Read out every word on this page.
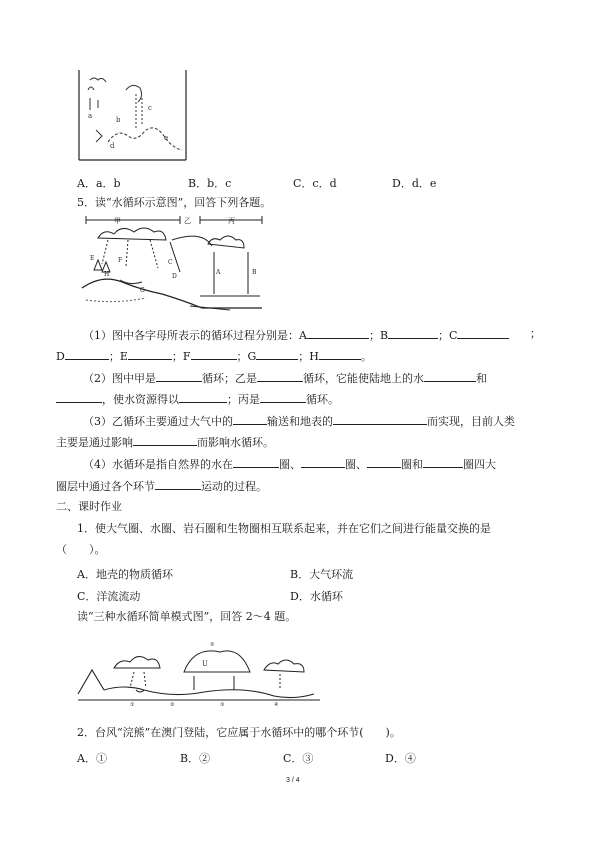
a	b
c
d
e
A．a．b	B．b．c	C．c．d	D．d．e
5．读“水循环示意图”，回答下列各题。
甲	乙	丙
E	F	C
D
A	B
H
G
（1）图中各字母所表示的循环过程分别是：A	；B	；C	；
D	；E	；F	；G	；H	。
（2）图中甲是	循环；乙是	循环，它能使陆地上的水	和
，使水资源得以	；丙是	循环。
（3）乙循环主要通过大气中的	输送和地表的	而实现，目前人类
主要是通过影响	而影响水循环。
（4）水循环是指自然界的水在	圈、	圈、	圈和	圈四大
圈层中通过各个环节	运动的过程。
二、课时作业
1．使大气圈、水圈、岩石圈和生物圈相互联系起来，并在它们之间进行能量交换的是
（　　）。
A．地壳的物质循环	B．大气环流
C．洋流流动	D．水循环
读“三种水循环简单模式图”，回答 2～4 题。
U
⑤
①	②	③	④
2．台风“浣熊”在澳门登陆，它应属于水循环中的哪个环节(　　)。
A．①	B．②	C．③	D．④
3 / 4
